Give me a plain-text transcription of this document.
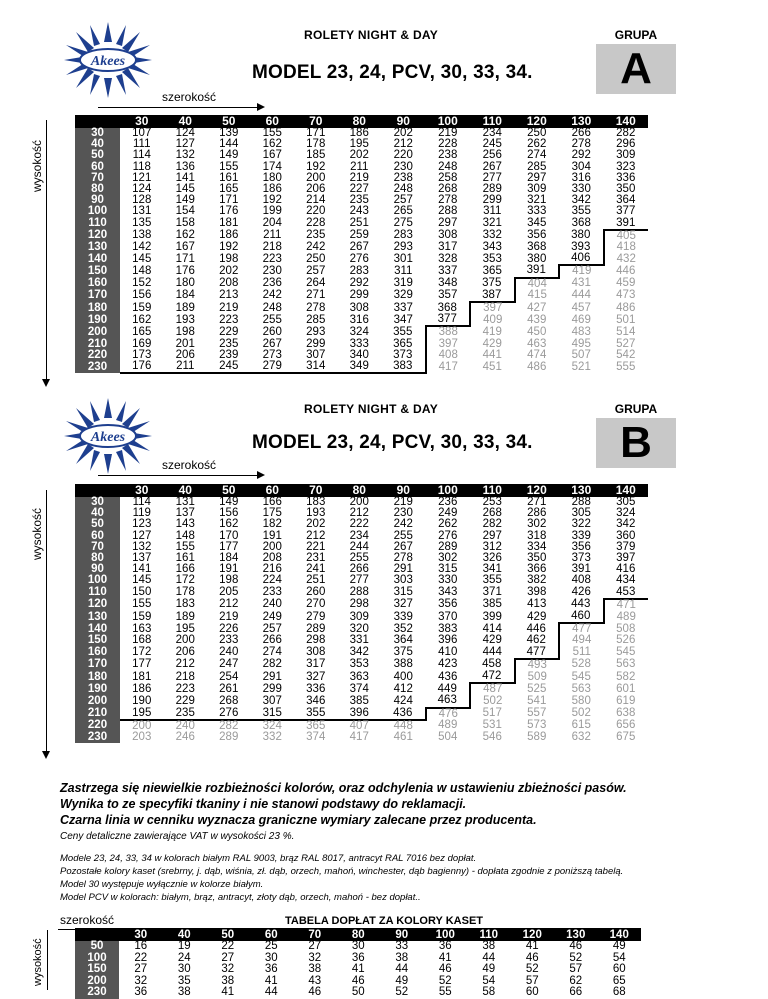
Akees
ROLETY NIGHT & DAY	GRUPA
A
MODEL 23, 24, PCV, 30, 33, 34.
szerokość
wysokość
	30	40	50	60	70	80	90	100	110	120	130	140
30	107	124	139	155	171	186	202	219	234	250	266	282
40	111	127	144	162	178	195	212	228	245	262	278	296
50	114	132	149	167	185	202	220	238	256	274	292	309
60	118	136	155	174	192	211	230	248	267	285	304	323
70	121	141	161	180	200	219	238	258	277	297	316	336
80	124	145	165	186	206	227	248	268	289	309	330	350
90	128	149	171	192	214	235	257	278	299	321	342	364
100	131	154	176	199	220	243	265	288	311	333	355	377
110	135	158	181	204	228	251	275	297	321	345	368	391
120	138	162	186	211	235	259	283	308	332	356	380	405
130	142	167	192	218	242	267	293	317	343	368	393	418
140	145	171	198	223	250	276	301	328	353	380	406	432
150	148	176	202	230	257	283	311	337	365	391	419	446
160	152	180	208	236	264	292	319	348	375	404	431	459
170	156	184	213	242	271	299	329	357	387	415	444	473
180	159	189	219	248	278	308	337	368	397	427	457	486
190	162	193	223	255	285	316	347	377	409	439	469	501
200	165	198	229	260	293	324	355	388	419	450	483	514
210	169	201	235	267	299	333	365	397	429	463	495	527
220	173	206	239	273	307	340	373	408	441	474	507	542
230	176	211	245	279	314	349	383	417	451	486	521	555
Akees
ROLETY NIGHT & DAY	GRUPA
B
MODEL 23, 24, PCV, 30, 33, 34.
szerokość
wysokość
	30	40	50	60	70	80	90	100	110	120	130	140
30	114	131	149	166	183	200	219	236	253	271	288	305
40	119	137	156	175	193	212	230	249	268	286	305	324
50	123	143	162	182	202	222	242	262	282	302	322	342
60	127	148	170	191	212	234	255	276	297	318	339	360
70	132	155	177	200	221	244	267	289	312	334	356	379
80	137	161	184	208	231	255	278	302	326	350	373	397
90	141	166	191	216	241	266	291	315	341	366	391	416
100	145	172	198	224	251	277	303	330	355	382	408	434
110	150	178	205	233	260	288	315	343	371	398	426	453
120	155	183	212	240	270	298	327	356	385	413	443	471
130	159	189	219	249	279	309	339	370	399	429	460	489
140	163	195	226	257	289	320	352	383	414	446	477	508
150	168	200	233	266	298	331	364	396	429	462	494	526
160	172	206	240	274	308	342	375	410	444	477	511	545
170	177	212	247	282	317	353	388	423	458	493	528	563
180	181	218	254	291	327	363	400	436	472	509	545	582
190	186	223	261	299	336	374	412	449	487	525	563	601
200	190	229	268	307	346	385	424	463	502	541	580	619
210	195	235	276	315	355	396	436	476	517	557	502	638
220	200	240	282	324	365	407	448	489	531	573	615	656
230	203	246	289	332	374	417	461	504	546	589	632	675
Zastrzega się niewielkie rozbieżności kolorów, oraz odchylenia w ustawieniu zbieżności pasów.
Wynika to ze specyfiki tkaniny i nie stanowi podstawy do reklamacji.
Czarna linia w cenniku wyznacza graniczne wymiary zalecane przez producenta.
Ceny detaliczne zawierające VAT w wysokości 23 %.
Modele 23, 24, 33, 34 w kolorach białym RAL 9003, brąz RAL 8017, antracyt RAL 7016 bez dopłat.
Pozostałe kolory kaset (srebrny, j. dąb, wiśnia, zł. dąb, orzech, mahoń, winchester, dąb bagienny) - dopłata zgodnie z poniższą tabelą.
Model 30 występuje wyłącznie w kolorze białym.
Model PCV w kolorach: białym, brąz, antracyt, złoty dąb, orzech, mahoń - bez dopłat..
szerokość	TABELA DOPŁAT ZA KOLORY KASET
wysokość
	30	40	50	60	70	80	90	100	110	120	130	140
50	16	19	22	25	27	30	33	36	38	41	46	49
100	22	24	27	30	32	36	38	41	44	46	52	54
150	27	30	32	36	38	41	44	46	49	52	57	60
200	32	35	38	41	43	46	49	52	54	57	62	65
230	36	38	41	44	46	50	52	55	58	60	66	68
